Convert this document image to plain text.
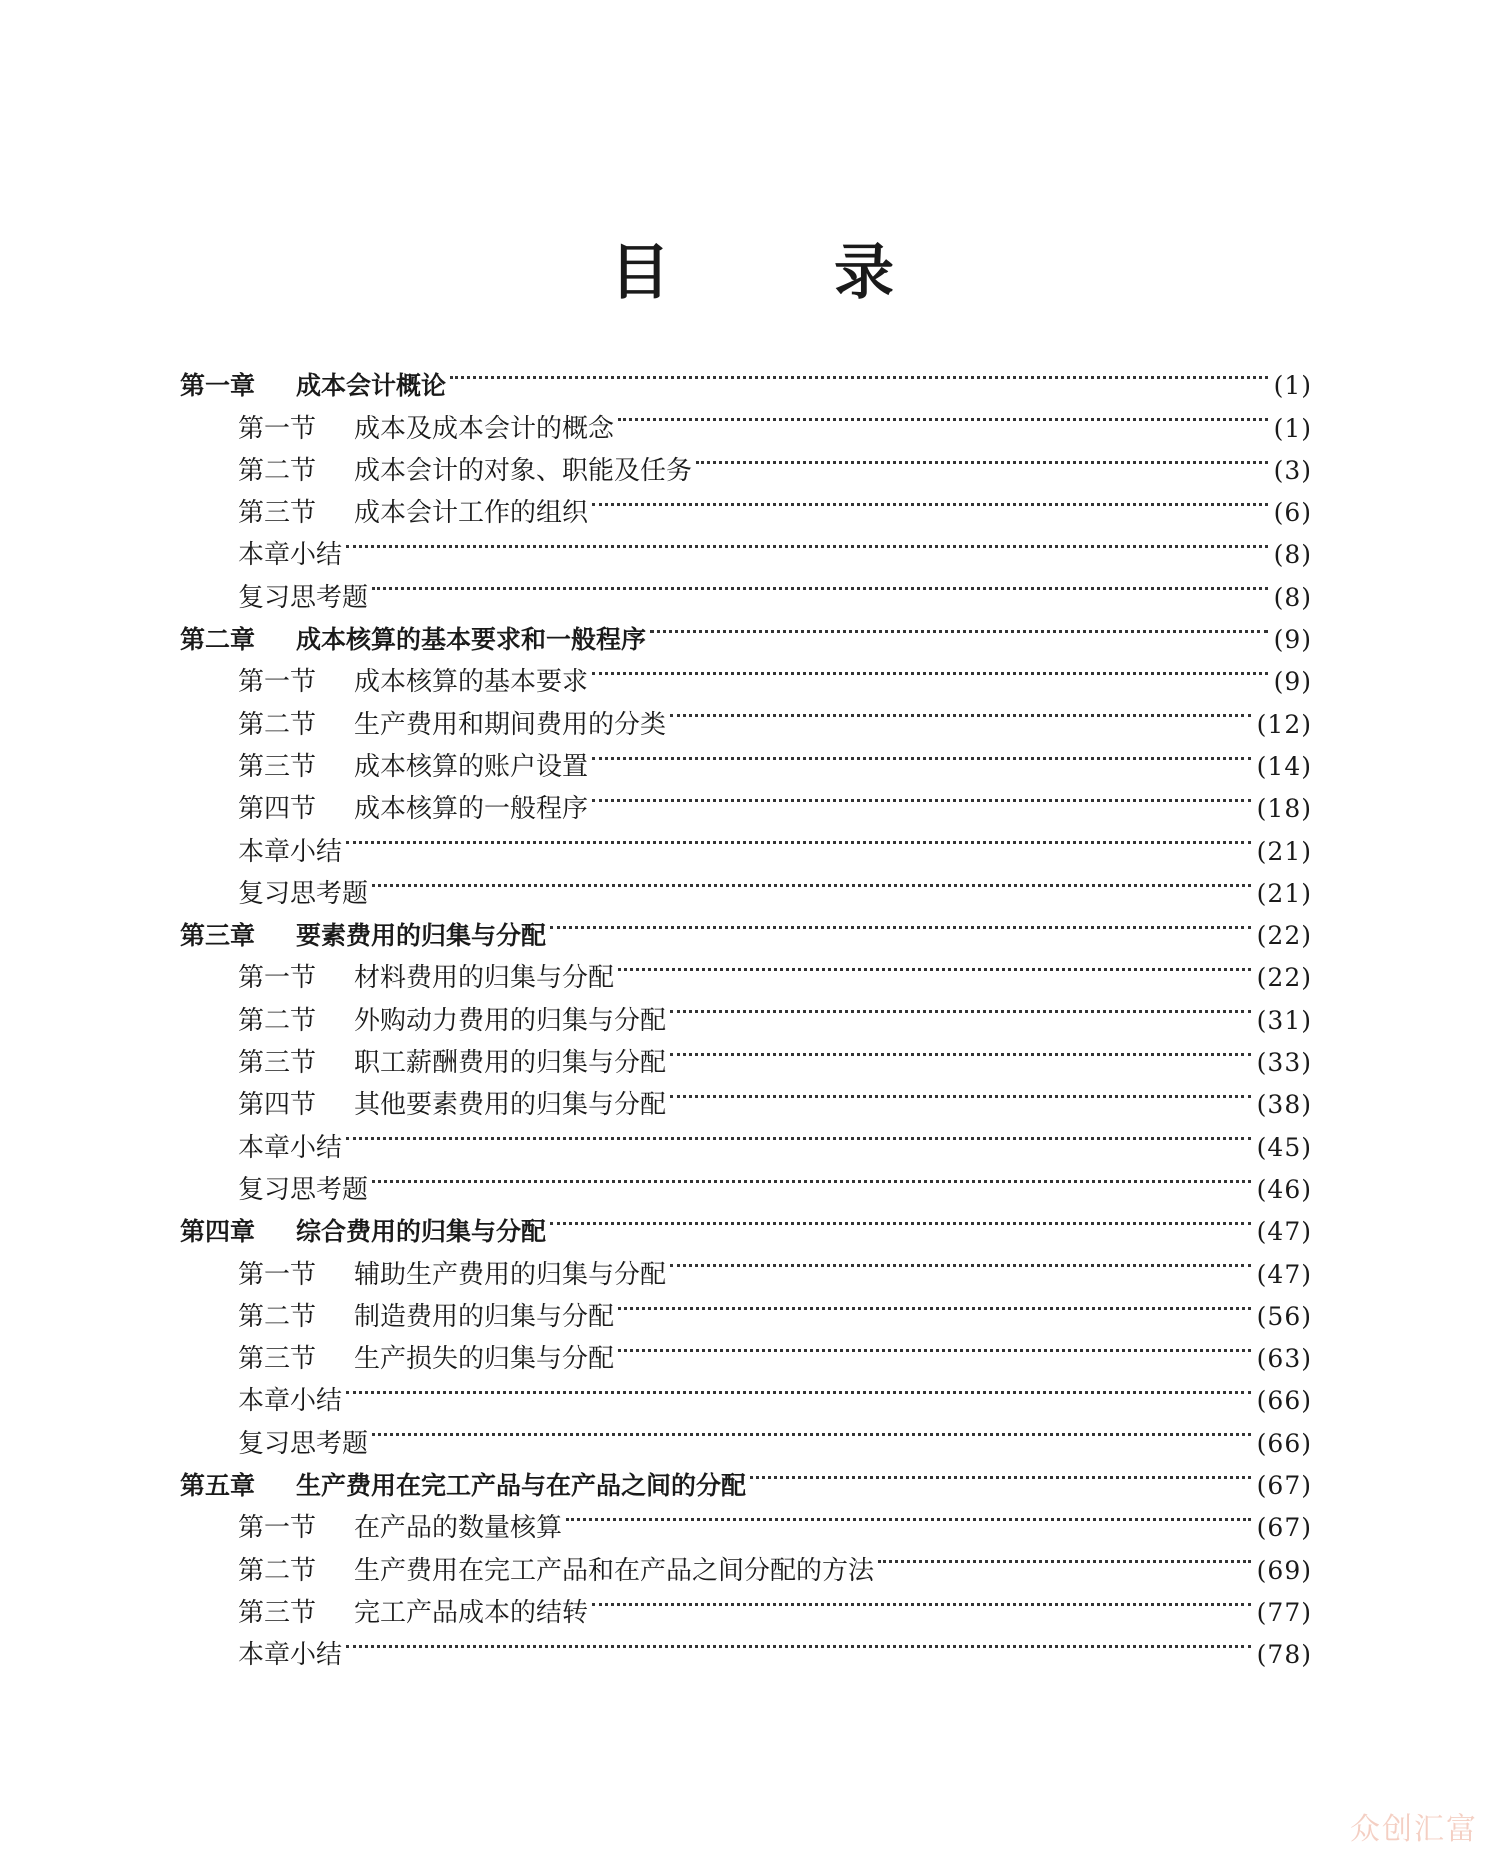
目　录
第一章	成本会计概论	(1)
第一节	成本及成本会计的概念	(1)
第二节	成本会计的对象、职能及任务	(3)
第三节	成本会计工作的组织	(6)
本章小结	(8)
复习思考题	(8)
第二章	成本核算的基本要求和一般程序	(9)
第一节	成本核算的基本要求	(9)
第二节	生产费用和期间费用的分类	(12)
第三节	成本核算的账户设置	(14)
第四节	成本核算的一般程序	(18)
本章小结	(21)
复习思考题	(21)
第三章	要素费用的归集与分配	(22)
第一节	材料费用的归集与分配	(22)
第二节	外购动力费用的归集与分配	(31)
第三节	职工薪酬费用的归集与分配	(33)
第四节	其他要素费用的归集与分配	(38)
本章小结	(45)
复习思考题	(46)
第四章	综合费用的归集与分配	(47)
第一节	辅助生产费用的归集与分配	(47)
第二节	制造费用的归集与分配	(56)
第三节	生产损失的归集与分配	(63)
本章小结	(66)
复习思考题	(66)
第五章	生产费用在完工产品与在产品之间的分配	(67)
第一节	在产品的数量核算	(67)
第二节	生产费用在完工产品和在产品之间分配的方法	(69)
第三节	完工产品成本的结转	(77)
本章小结	(78)
众创汇富
